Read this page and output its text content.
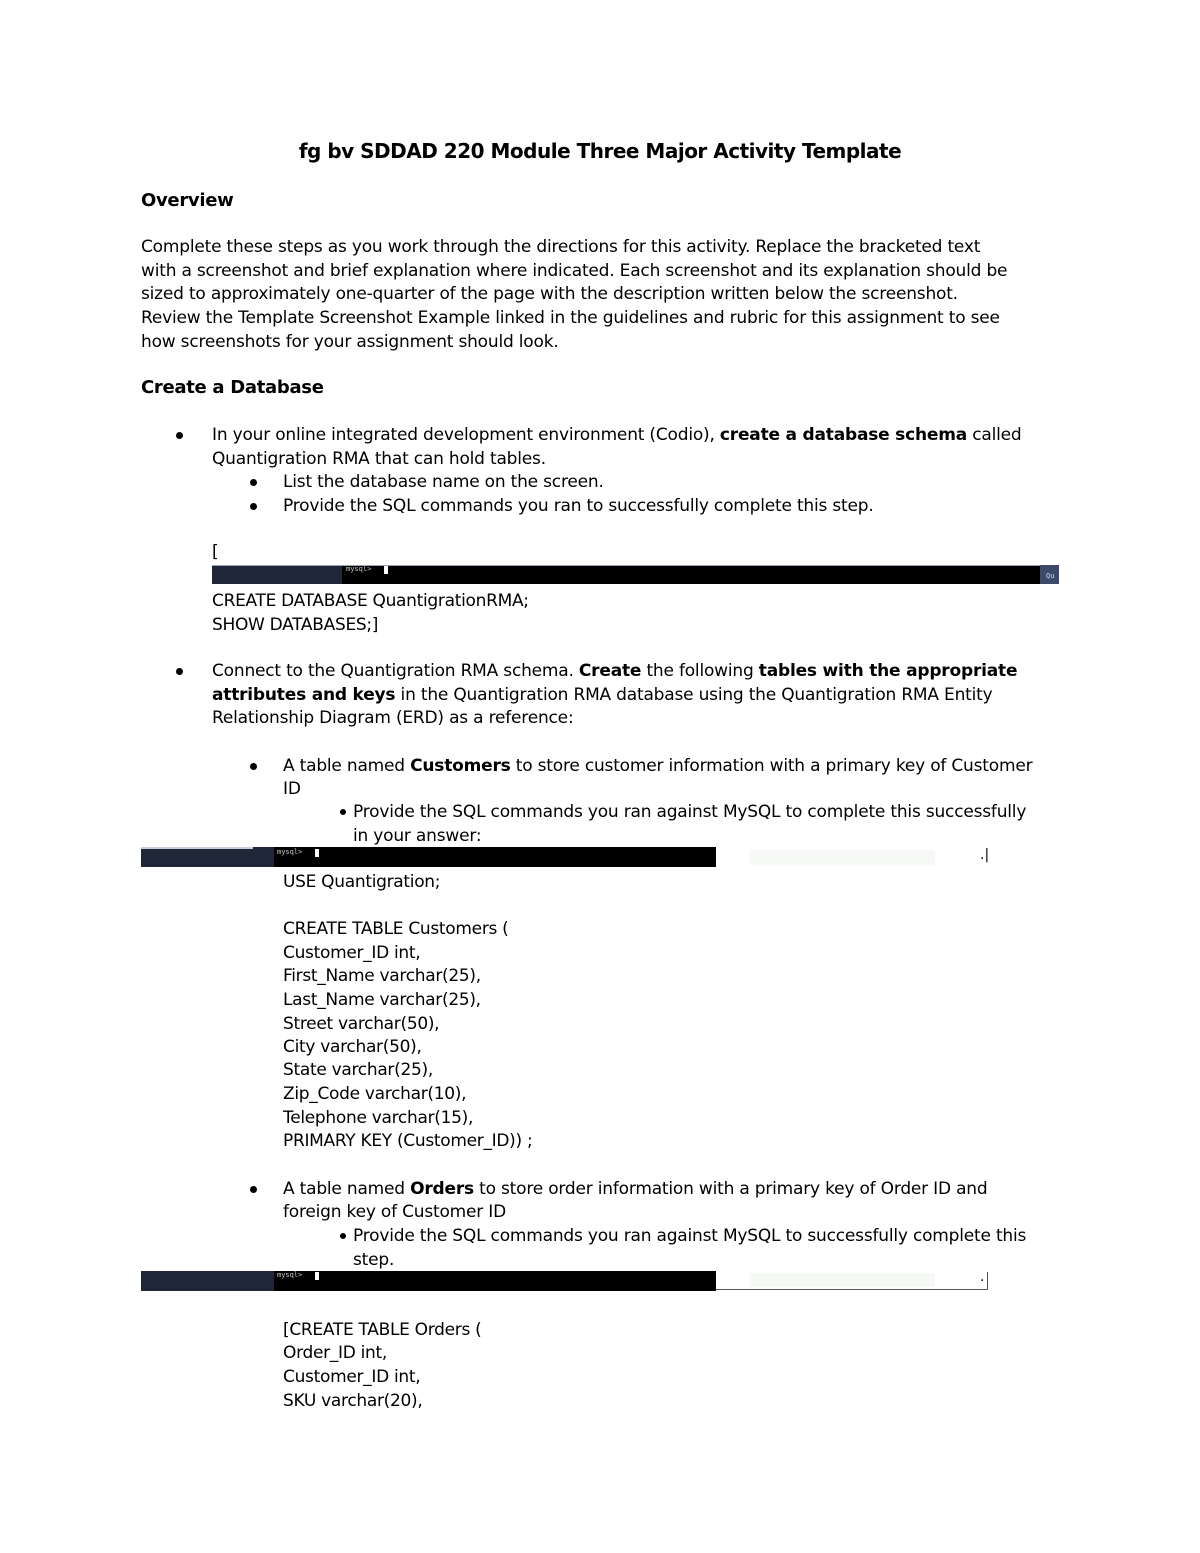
fg bv SDDAD 220 Module Three Major Activity Template
Overview
Complete these steps as you work through the directions for this activity. Replace the bracketed text
with a screenshot and brief explanation where indicated. Each screenshot and its explanation should be
sized to approximately one-quarter of the page with the description written below the screenshot.
Review the Template Screenshot Example linked in the guidelines and rubric for this assignment to see
how screenshots for your assignment should look.
Create a Database
In your online integrated development environment (Codio), create a database schema called
Quantigration RMA that can hold tables.
List the database name on the screen.
Provide the SQL commands you ran to successfully complete this step.
[
mysql>
Qu
CREATE DATABASE QuantigrationRMA;
SHOW DATABASES;]
Connect to the Quantigration RMA schema. Create the following tables with the appropriate
attributes and keys in the Quantigration RMA database using the Quantigration RMA Entity
Relationship Diagram (ERD) as a reference:
A table named Customers to store customer information with a primary key of Customer
ID
Provide the SQL commands you ran against MySQL to complete this successfully
in your answer:
mysql>	.|
USE Quantigration;
CREATE TABLE Customers (
Customer_ID int,
First_Name varchar(25),
Last_Name varchar(25),
Street varchar(50),
City varchar(50),
State varchar(25),
Zip_Code varchar(10),
Telephone varchar(15),
PRIMARY KEY (Customer_ID)) ;
A table named Orders to store order information with a primary key of Order ID and
foreign key of Customer ID
Provide the SQL commands you ran against MySQL to successfully complete this
step.
mysql>	.
[CREATE TABLE Orders (
Order_ID int,
Customer_ID int,
SKU varchar(20),
